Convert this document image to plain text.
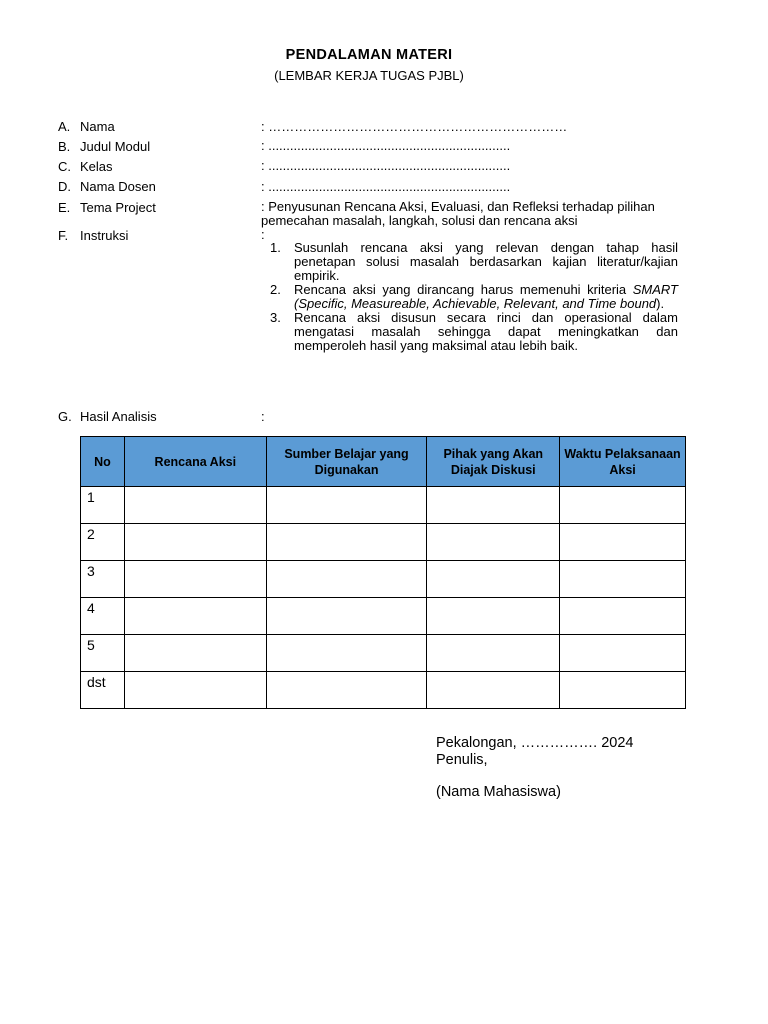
PENDALAMAN MATERI
(LEMBAR KERJA TUGAS PJBL)
A. Nama	: ……………………………………………………………
B. Judul Modul	: ...................................................................
C. Kelas	: ...................................................................
D. Nama Dosen	: ...................................................................
E. Tema Project	: Penyusunan Rencana Aksi, Evaluasi, dan Refleksi terhadap pilihan pemecahan masalah, langkah, solusi dan rencana aksi
F. Instruksi	:
1. Susunlah rencana aksi yang relevan dengan tahap hasil penetapan solusi masalah berdasarkan kajian literatur/kajian empirik.
2. Rencana aksi yang dirancang harus memenuhi kriteria SMART (Specific, Measureable, Achievable, Relevant, and Time bound).
3. Rencana aksi disusun secara rinci dan operasional dalam mengatasi masalah sehingga dapat meningkatkan dan memperoleh hasil yang maksimal atau lebih baik.
G. Hasil Analisis	:
No	Rencana Aksi	Sumber Belajar yang Digunakan	Pihak yang Akan Diajak Diskusi	Waktu Pelaksanaan Aksi
1				
2				
3				
4				
5				
dst				
Pekalongan, ……………. 2024
Penulis,
(Nama Mahasiswa)
